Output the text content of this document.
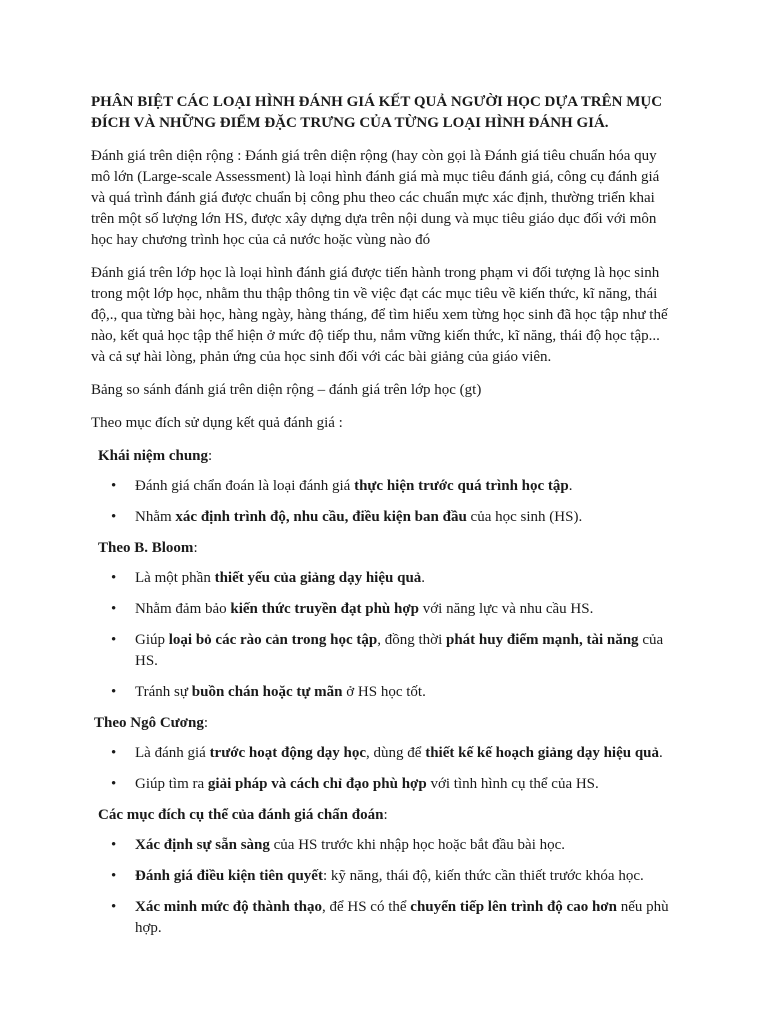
PHÂN BIỆT CÁC LOẠI HÌNH ĐÁNH GIÁ KẾT QUẢ NGƯỜI HỌC DỰA TRÊN MỤC ĐÍCH VÀ NHỮNG ĐIỂM ĐẶC TRƯNG CỦA TỪNG LOẠI HÌNH ĐÁNH GIÁ.

Đánh giá trên diện rộng : Đánh giá trên diện rộng (hay còn gọi là Đánh giá tiêu chuẩn hóa quy mô lớn (Large-scale Assessment) là loại hình đánh giá mà mục tiêu đánh giá, công cụ đánh giá và quá trình đánh giá được chuẩn bị công phu theo các chuẩn mực xác định, thường triển khai trên một số lượng lớn HS, được xây dựng dựa trên nội dung và mục tiêu giáo dục đối với môn học hay chương trình học của cả nước hoặc vùng nào đó

Đánh giá trên lớp học là loại hình đánh giá được tiến hành trong phạm vi đối tượng là học sinh trong một lớp học, nhằm thu thập thông tin về việc đạt các mục tiêu về kiến thức, kĩ năng, thái độ,., qua từng bài học, hàng ngày, hàng tháng, để tìm hiểu xem từng học sinh đã học tập như thế nào, kết quả học tập thể hiện ở mức độ tiếp thu, nắm vững kiến thức, kĩ năng, thái độ học tập... và cả sự hài lòng, phản ứng của học sinh đối với các bài giảng của giáo viên.

Bảng so sánh đánh giá trên diện rộng – đánh giá trên lớp học (gt)

Theo mục đích sử dụng kết quả đánh giá :

Khái niệm chung:
• Đánh giá chẩn đoán là loại đánh giá thực hiện trước quá trình học tập.
• Nhằm xác định trình độ, nhu cầu, điều kiện ban đầu của học sinh (HS).
Theo B. Bloom:
• Là một phần thiết yếu của giảng dạy hiệu quả.
• Nhằm đảm bảo kiến thức truyền đạt phù hợp với năng lực và nhu cầu HS.
• Giúp loại bỏ các rào cản trong học tập, đồng thời phát huy điểm mạnh, tài năng của HS.
• Tránh sự buồn chán hoặc tự mãn ở HS học tốt.
Theo Ngô Cương:
• Là đánh giá trước hoạt động dạy học, dùng để thiết kế kế hoạch giảng dạy hiệu quả.
• Giúp tìm ra giải pháp và cách chỉ đạo phù hợp với tình hình cụ thể của HS.
Các mục đích cụ thể của đánh giá chẩn đoán:
• Xác định sự sẵn sàng của HS trước khi nhập học hoặc bắt đầu bài học.
• Đánh giá điều kiện tiên quyết: kỹ năng, thái độ, kiến thức cần thiết trước khóa học.
• Xác minh mức độ thành thạo, để HS có thể chuyển tiếp lên trình độ cao hơn nếu phù hợp.
